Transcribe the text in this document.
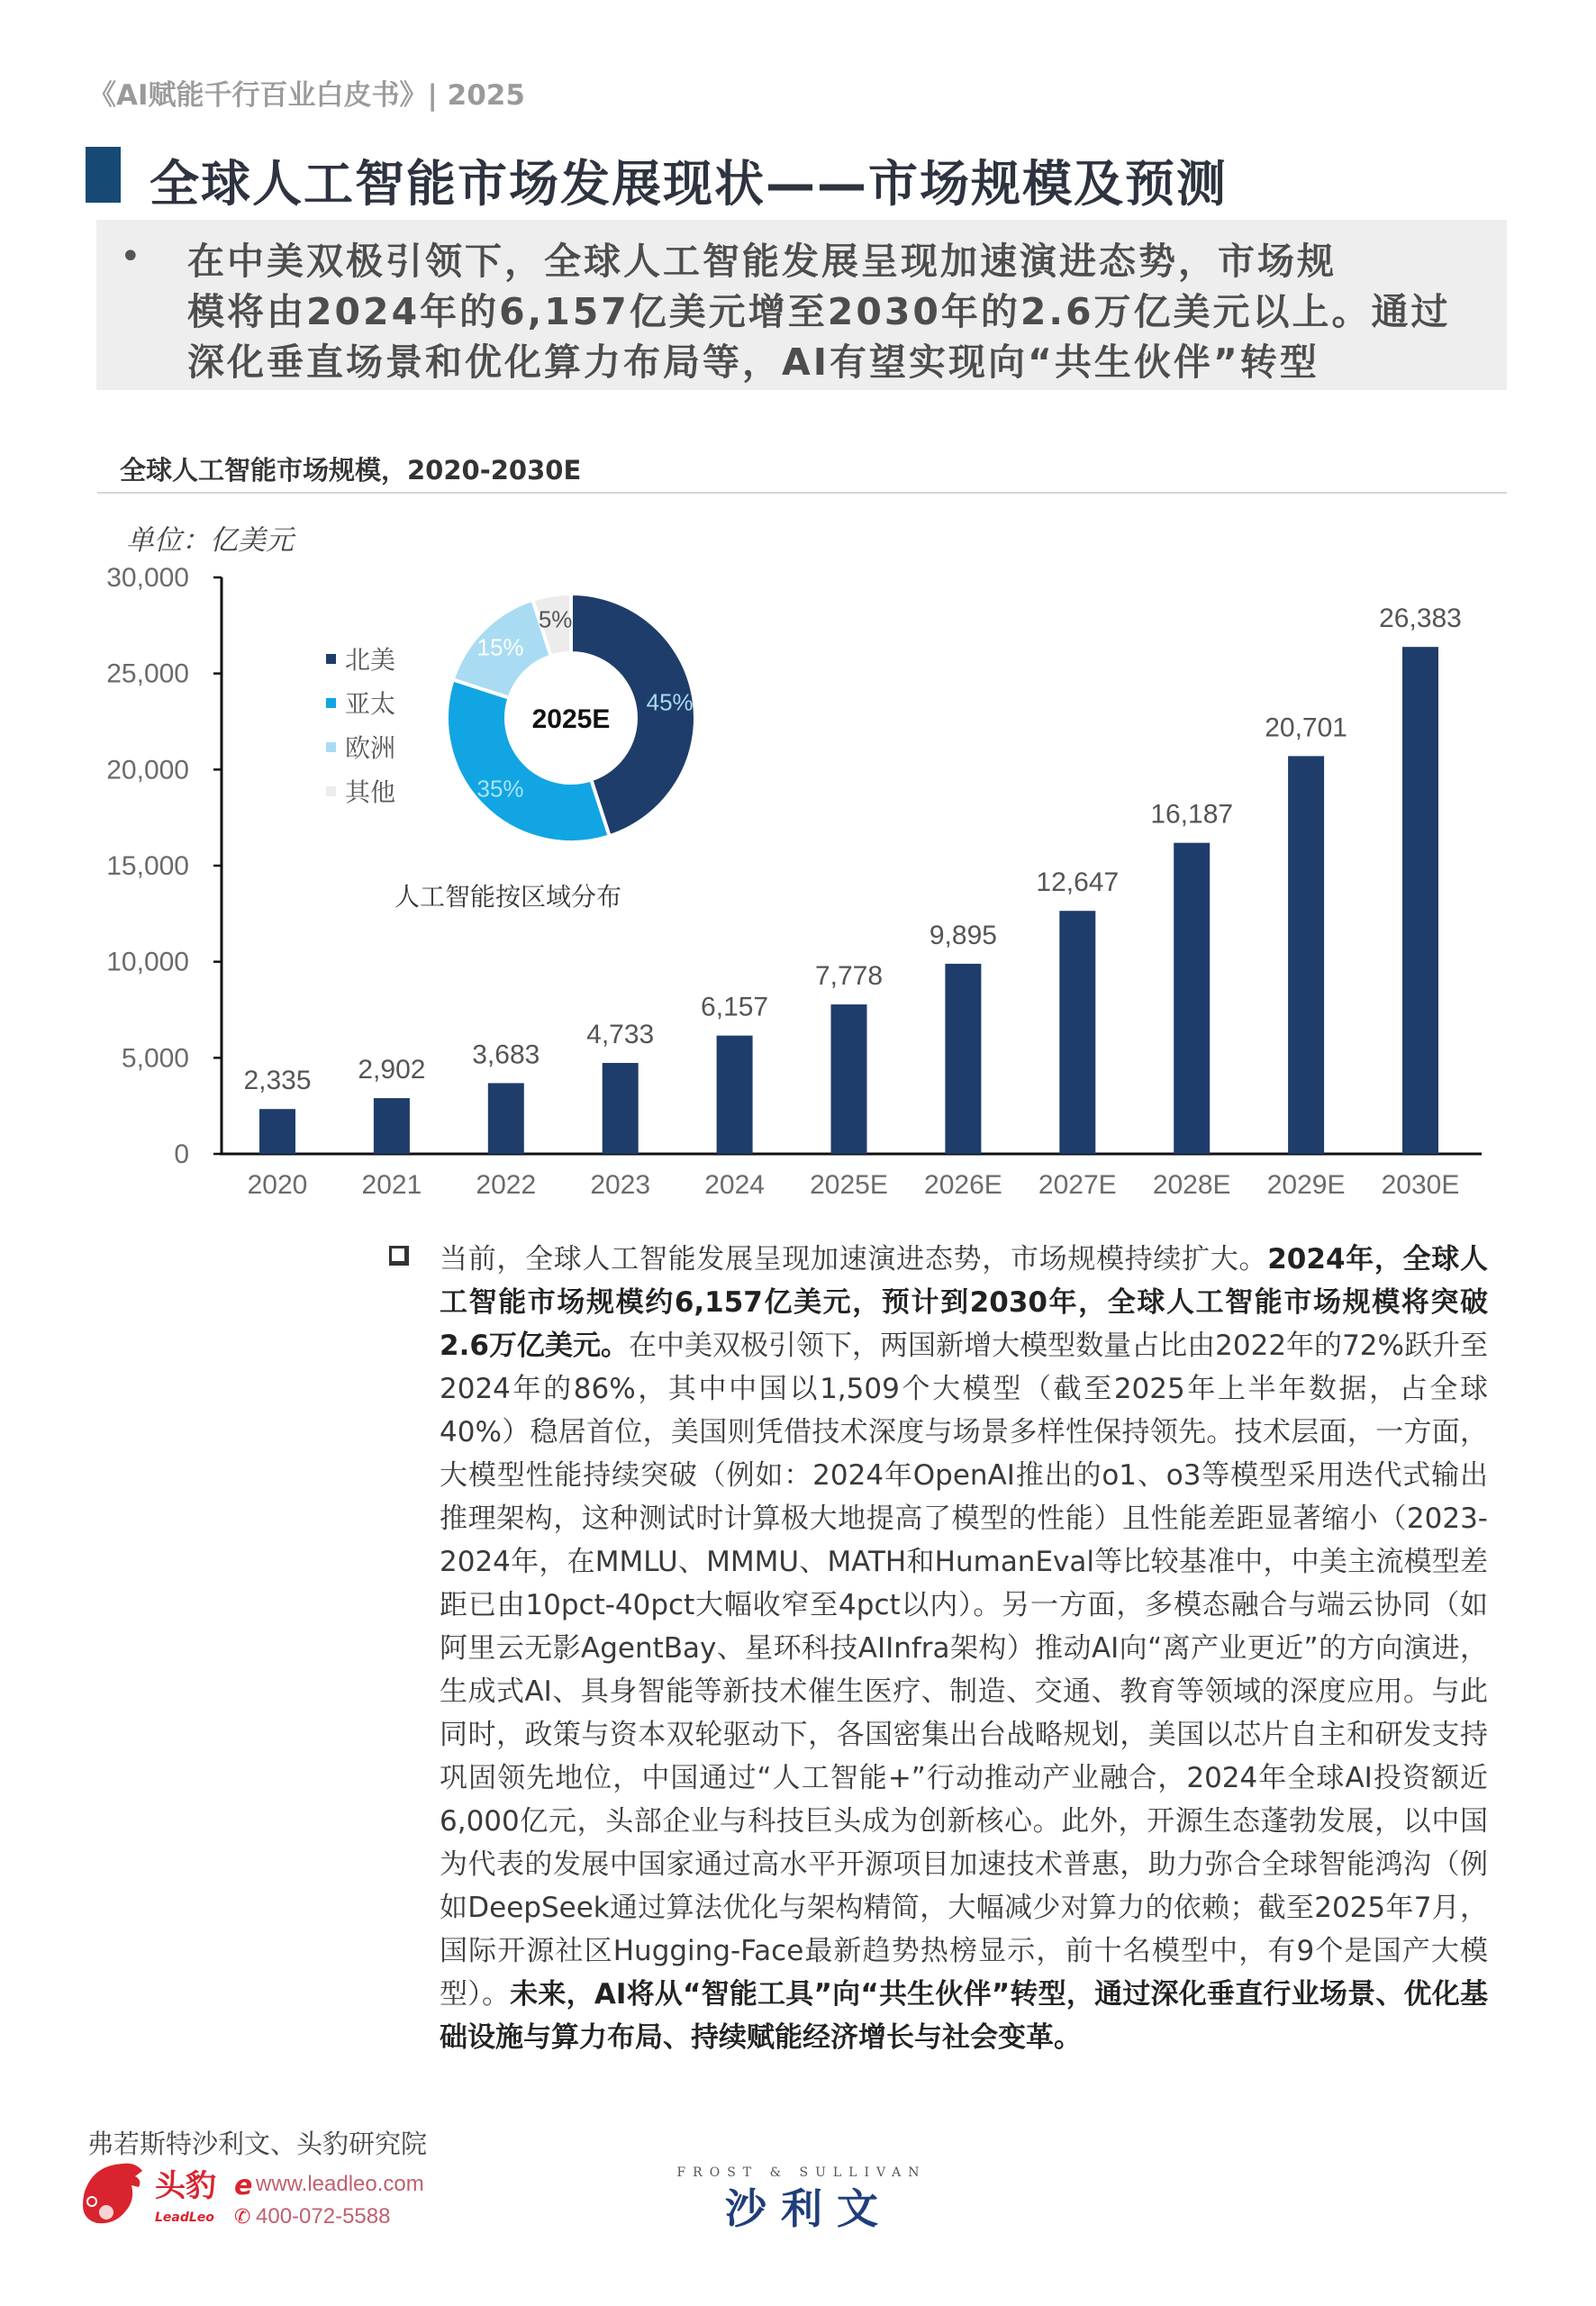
《AI赋能千行百业白皮书》| 2025
全球人工智能市场发展现状——市场规模及预测
• 在中美双极引领下，全球人工智能发展呈现加速演进态势，市场规
模将由2024年的6,157亿美元增至2030年的2.6万亿美元以上。通过
深化垂直场景和优化算力布局等，AI有望实现向“共生伙伴”转型
全球人工智能市场规模，2020-2030E
单位：亿美元
0
5,000
10,000
15,000
20,000
25,000
30,000
2,335
2020
2,902
2021
3,683
2022
4,733
2023
6,157
2024
7,778
2025E
9,895
2026E
12,647
2027E
16,187
2028E
20,701
2029E
26,383
2030E
45%
35%
15%
5%
2025E
人工智能按区域分布
北美
亚太
欧洲
其他
当前，全球人工智能发展呈现加速演进态势，市场规模持续扩大。2024年，全球人工智能市场规模约6,157亿美元，预计到2030年，全球人工智能市场规模将突破2.6万亿美元。在中美双极引领下，两国新增大模型数量占比由2022年的72%跃升至2024年的86%，其中中国以1,509个大模型（截至2025年上半年数据，占全球40%）稳居首位，美国则凭借技术深度与场景多样性保持领先。技术层面，一方面，大模型性能持续突破（例如：2024年OpenAI推出的o1、o3等模型采用迭代式输出推理架构，这种测试时计算极大地提高了模型的性能）且性能差距显著缩小（2023-2024年，在MMLU、MMMU、MATH和HumanEval等比较基准中，中美主流模型差距已由10pct-40pct大幅收窄至4pct以内）。另一方面，多模态融合与端云协同（如阿里云无影AgentBay、星环科技AIInfra架构）推动AI向“离产业更近”的方向演进，生成式AI、具身智能等新技术催生医疗、制造、交通、教育等领域的深度应用。与此同时，政策与资本双轮驱动下，各国密集出台战略规划，美国以芯片自主和研发支持巩固领先地位，中国通过“人工智能+”行动推动产业融合，2024年全球AI投资额近6,000亿元，头部企业与科技巨头成为创新核心。此外，开源生态蓬勃发展，以中国为代表的发展中国家通过高水平开源项目加速技术普惠，助力弥合全球智能鸿沟（例如DeepSeek通过算法优化与架构精简，大幅减少对算力的依赖；截至2025年7月，国际开源社区Hugging-Face最新趋势热榜显示，前十名模型中，有9个是国产大模型）。未来，AI将从“智能工具”向“共生伙伴”转型，通过深化垂直行业场景、优化基础设施与算力布局、持续赋能经济增长与社会变革。
弗若斯特沙利文、头豹研究院
头豹
LeadLeo
e www.leadleo.com
✆ 400-072-5588
FROST & SULLIVAN
沙 利 文
